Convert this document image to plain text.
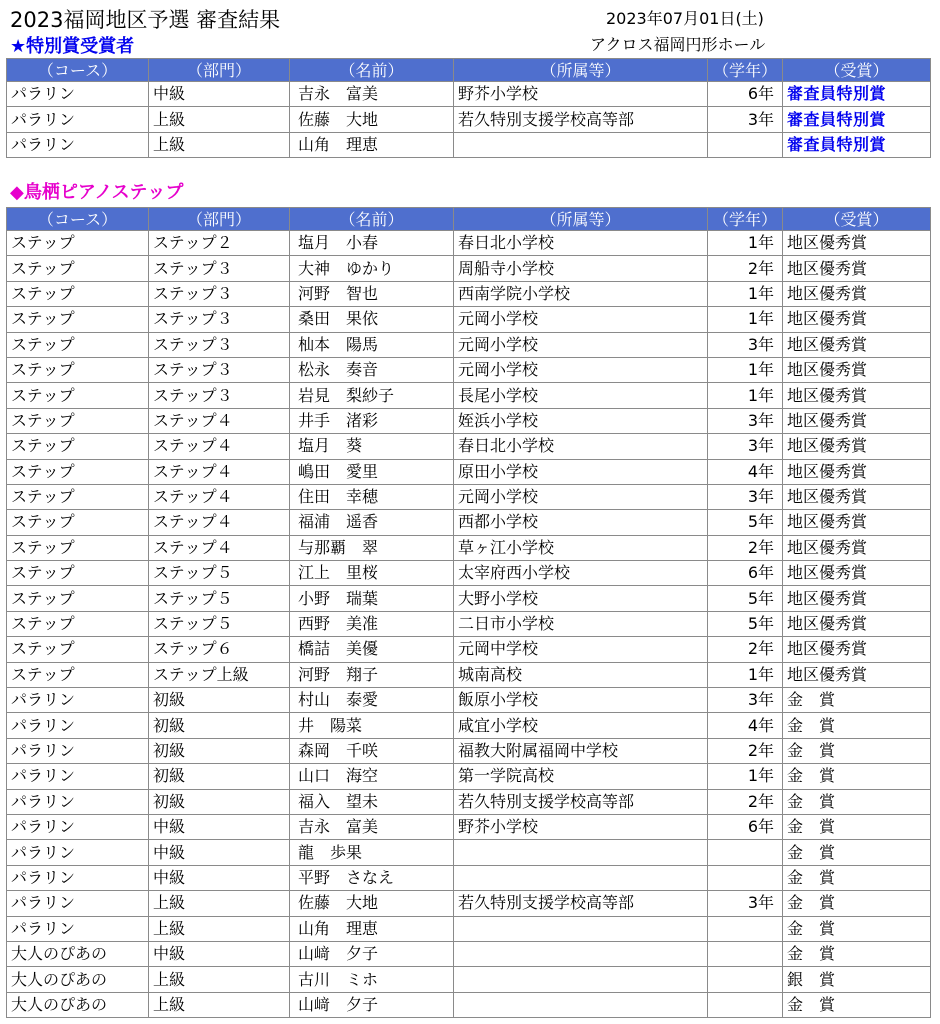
2023福岡地区予選 審査結果	2023年07月01日(土)
アクロス福岡円形ホール
★特別賞受賞者
（コース）	（部門）	（名前）	（所属等）	（学年）	（受賞）
パラリン	中級	吉永　富美	野芥小学校	6年	審査員特別賞
パラリン	上級	佐藤　大地	若久特別支援学校高等部	3年	審査員特別賞
パラリン	上級	山角　理恵			審査員特別賞
◆鳥栖ピアノステップ
（コース）	（部門）	（名前）	（所属等）	（学年）	（受賞）
ステップ	ステップ２	塩月　小春	春日北小学校	1年	地区優秀賞
ステップ	ステップ３	大神　ゆかり	周船寺小学校	2年	地区優秀賞
ステップ	ステップ３	河野　智也	西南学院小学校	1年	地区優秀賞
ステップ	ステップ３	桑田　果依	元岡小学校	1年	地区優秀賞
ステップ	ステップ３	杣本　陽馬	元岡小学校	3年	地区優秀賞
ステップ	ステップ３	松永　奏音	元岡小学校	1年	地区優秀賞
ステップ	ステップ３	岩見　梨紗子	長尾小学校	1年	地区優秀賞
ステップ	ステップ４	井手　渚彩	姪浜小学校	3年	地区優秀賞
ステップ	ステップ４	塩月　葵	春日北小学校	3年	地区優秀賞
ステップ	ステップ４	嶋田　愛里	原田小学校	4年	地区優秀賞
ステップ	ステップ４	住田　幸穂	元岡小学校	3年	地区優秀賞
ステップ	ステップ４	福浦　遥香	西都小学校	5年	地区優秀賞
ステップ	ステップ４	与那覇　翠	草ヶ江小学校	2年	地区優秀賞
ステップ	ステップ５	江上　里桜	太宰府西小学校	6年	地区優秀賞
ステップ	ステップ５	小野　瑞葉	大野小学校	5年	地区優秀賞
ステップ	ステップ５	西野　美准	二日市小学校	5年	地区優秀賞
ステップ	ステップ６	橋詰　美優	元岡中学校	2年	地区優秀賞
ステップ	ステップ上級	河野　翔子	城南高校	1年	地区優秀賞
パラリン	初級	村山　泰愛	飯原小学校	3年	金　賞
パラリン	初級	井　陽菜	咸宜小学校	4年	金　賞
パラリン	初級	森岡　千咲	福教大附属福岡中学校	2年	金　賞
パラリン	初級	山口　海空	第一学院高校	1年	金　賞
パラリン	初級	福入　望未	若久特別支援学校高等部	2年	金　賞
パラリン	中級	吉永　富美	野芥小学校	6年	金　賞
パラリン	中級	龍　歩果			金　賞
パラリン	中級	平野　さなえ			金　賞
パラリン	上級	佐藤　大地	若久特別支援学校高等部	3年	金　賞
パラリン	上級	山角　理恵			金　賞
大人のぴあの	中級	山﨑　夕子			金　賞
大人のぴあの	上級	古川　ミホ			銀　賞
大人のぴあの	上級	山﨑　夕子			金　賞
